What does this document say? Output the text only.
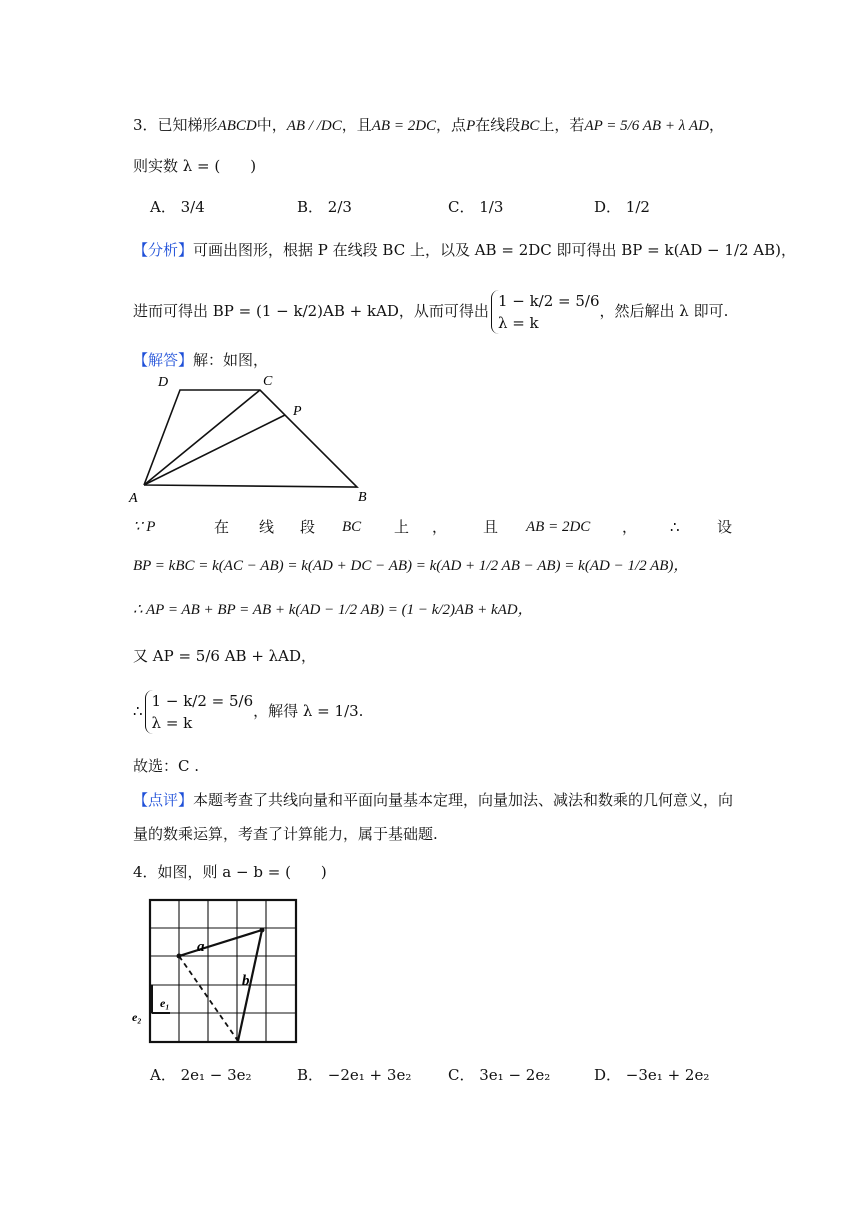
3．已知梯形ABCD中，AB / /DC，且AB = 2DC，点P在线段BC上，若AP = 5/6 AB + λ AD，
则实数 λ = (　　)
A． 3/4	B． 2/3	C． 1/3	D． 1/2
【分析】可画出图形，根据 P 在线段 BC 上，以及 AB = 2DC 即可得出 BP = k(AD − 1/2 AB)，
进而可得出 BP = (1 − k/2)AB + kAD，从而可得出
1 − k/2 = 5/6
λ = k
，然后解出 λ 即可.
【解答】解：如图，
D	C
P
A	B
∵ P	在 线 段 BC 上 ， 且 AB = 2DC ， ∴ 设
BP = kBC = k(AC − AB) = k(AD + DC − AB) = k(AD + 1/2 AB − AB) = k(AD − 1/2 AB)，
∴ AP = AB + BP = AB + k(AD − 1/2 AB) = (1 − k/2)AB + kAD，
又 AP = 5/6 AB + λAD，
∴
1 − k/2 = 5/6
λ = k
，解得 λ = 1/3.
故选：C .
【点评】本题考查了共线向量和平面向量基本定理，向量加法、减法和数乘的几何意义，向
量的数乘运算，考查了计算能力，属于基础题.
4．如图，则 a − b = (　　)
a
b
e₁
e₂
A． 2e₁ − 3e₂	B． −2e₁ + 3e₂ C． 3e₁ − 2e₂	D． −3e₁ + 2e₂
